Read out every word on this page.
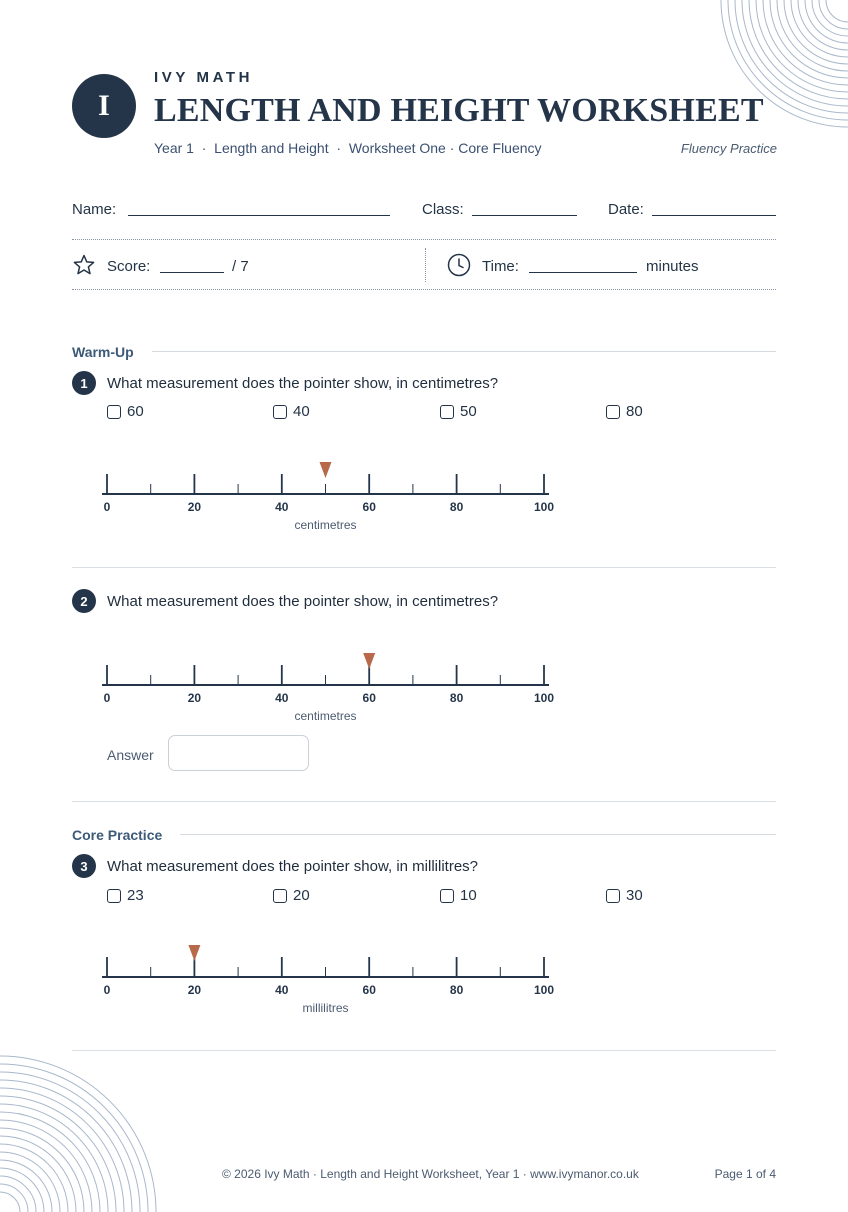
I
IVY MATH
LENGTH AND HEIGHT WORKSHEET
Year 1  ·  Length and Height  ·  Worksheet One · Core Fluency	Fluency Practice
Name:	Class:	Date:
Score:	/ 7	Time:	minutes
Warm-Up
1	What measurement does the pointer show, in centimetres?
60	40	50	80
0	20	40	60	80	100
centimetres
2	What measurement does the pointer show, in centimetres?
0	20	40	60	80	100
centimetres
Answer
Core Practice
3	What measurement does the pointer show, in millilitres?
23	20	10	30
0	20	40	60	80	100
millilitres
© 2026 Ivy Math · Length and Height Worksheet, Year 1 · www.ivymanor.co.uk	Page 1 of 4
